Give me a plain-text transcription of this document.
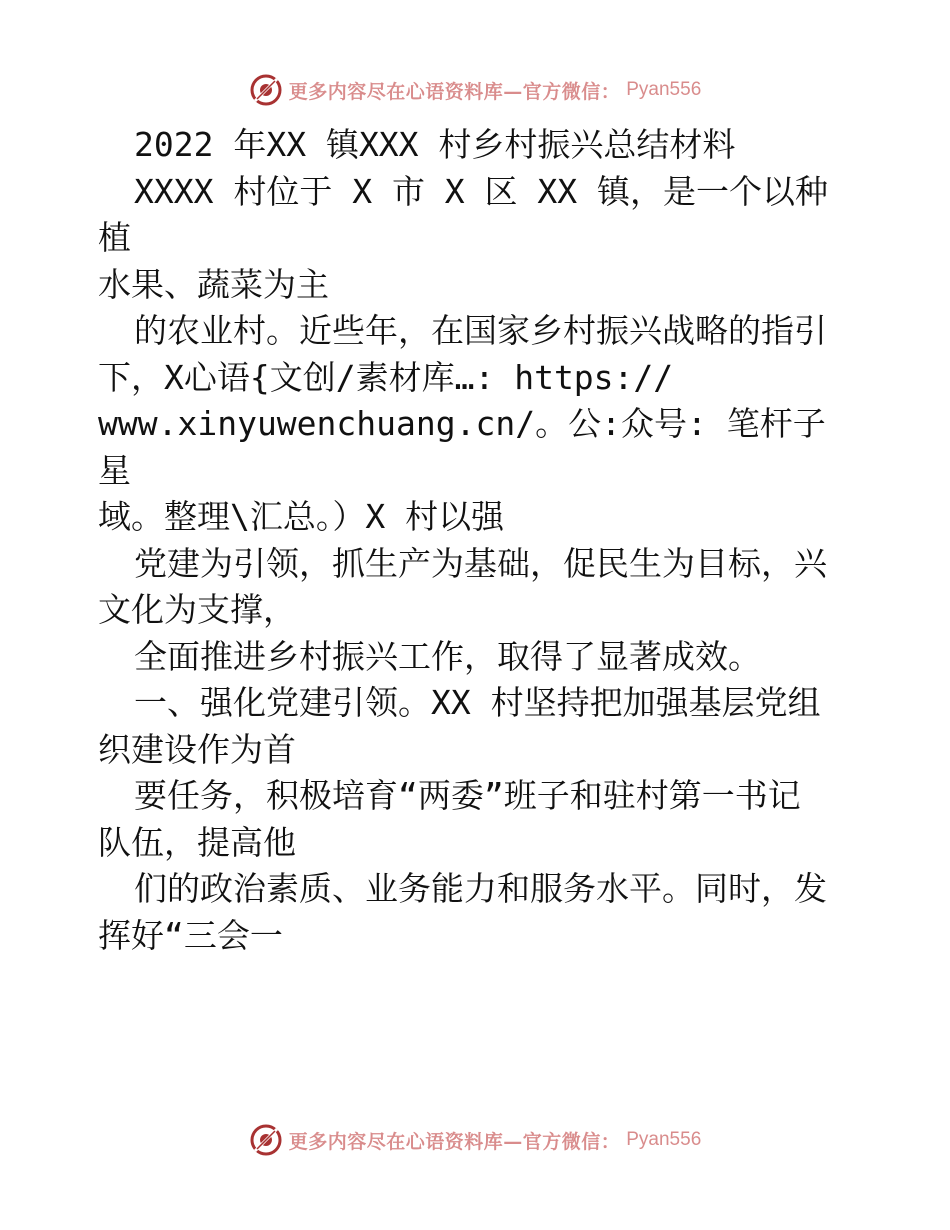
更多内容尽在心语资料库—官方微信： Pyan556

2022 年XX 镇XXX 村乡村振兴总结材料

XXXX 村位于 X 市 X 区 XX 镇，是一个以种植

水果、蔬菜为主

的农业村。近些年，在国家乡村振兴战略的指引

下，X心语{文创/素材库…: https://

www.xinyuwenchuang.cn/。公:众号: 笔杆子星

域。整理\汇总。）X 村以强

党建为引领，抓生产为基础，促民生为目标，兴

文化为支撑，

全面推进乡村振兴工作，取得了显著成效。

一、强化党建引领。XX 村坚持把加强基层党组

织建设作为首

要任务，积极培育“两委”班子和驻村第一书记

队伍，提高他

们的政治素质、业务能力和服务水平。同时，发

挥好“三会一

更多内容尽在心语资料库—官方微信： Pyan556
